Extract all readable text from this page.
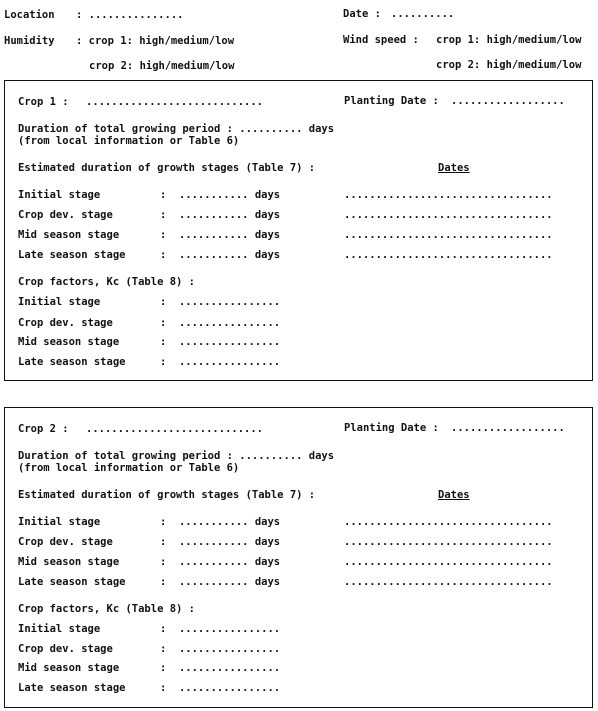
Location : ...............	Date : ..........
Humidity : crop 1: high/medium/low
crop 2: high/medium/low
Wind speed : crop 1: high/medium/low
crop 2: high/medium/low
Crop 1 : ............................	Planting Date : ..................
Duration of total growing period : .......... days
(from local information or Table 6)
Estimated duration of growth stages (Table 7) :	Dates
Initial stage	:  ........... days	.................................
Crop dev. stage	:  ........... days	.................................
Mid season stage	:  ........... days	.................................
Late season stage	:  ........... days	.................................
Crop factors, Kc (Table 8) :
Initial stage	:  ................
Crop dev. stage	:  ................
Mid season stage	:  ................
Late season stage	:  ................
Crop 2 : ............................	Planting Date : ..................
Duration of total growing period : .......... days
(from local information or Table 6)
Estimated duration of growth stages (Table 7) :	Dates
Initial stage	:  ........... days	.................................
Crop dev. stage	:  ........... days	.................................
Mid season stage	:  ........... days	.................................
Late season stage	:  ........... days	.................................
Crop factors, Kc (Table 8) :
Initial stage	:  ................
Crop dev. stage	:  ................
Mid season stage	:  ................
Late season stage	:  ................
